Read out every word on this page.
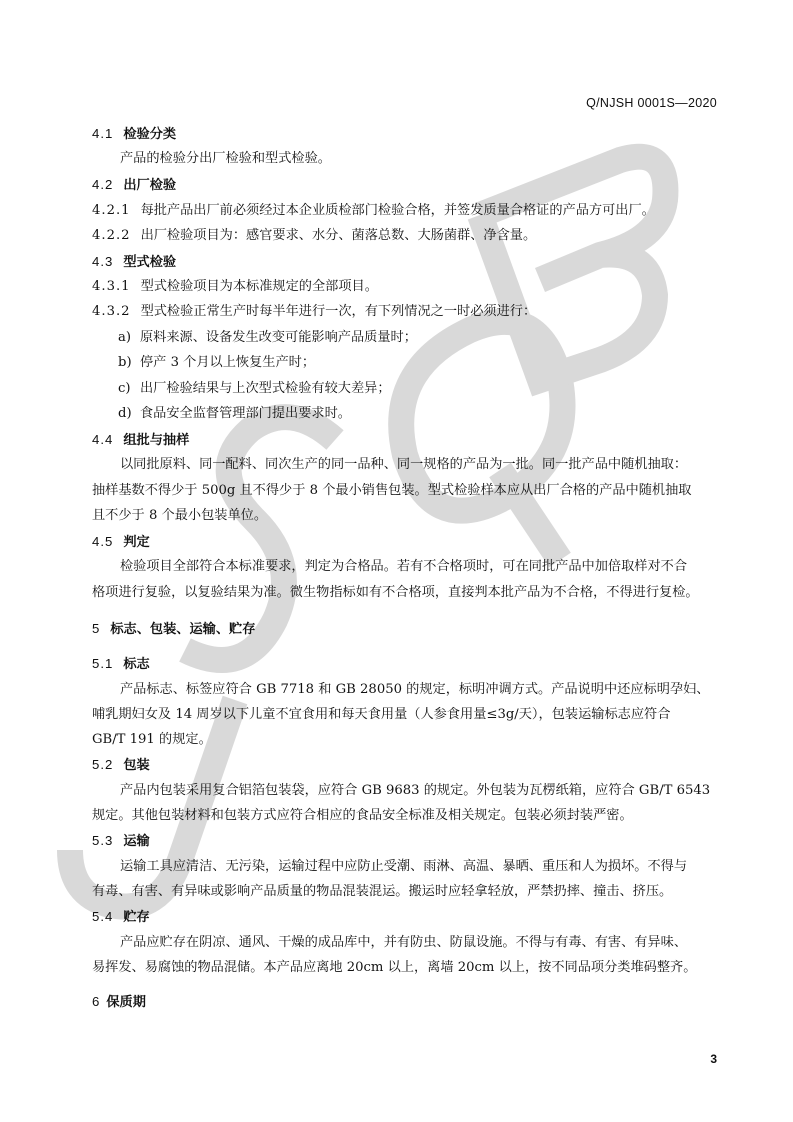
Q/NJSH 0001S—2020
4.1 检验分类
产品的检验分出厂检验和型式检验。
4.2 出厂检验
4.2.1 每批产品出厂前必须经过本企业质检部门检验合格，并签发质量合格证的产品方可出厂。
4.2.2 出厂检验项目为：感官要求、水分、菌落总数、大肠菌群、净含量。
4.3 型式检验
4.3.1 型式检验项目为本标准规定的全部项目。
4.3.2 型式检验正常生产时每半年进行一次，有下列情况之一时必须进行：
a) 原料来源、设备发生改变可能影响产品质量时；
b) 停产 3 个月以上恢复生产时；
c) 出厂检验结果与上次型式检验有较大差异；
d) 食品安全监督管理部门提出要求时。
4.4 组批与抽样
以同批原料、同一配料、同次生产的同一品种、同一规格的产品为一批。同一批产品中随机抽取：
抽样基数不得少于 500g 且不得少于 8 个最小销售包装。型式检验样本应从出厂合格的产品中随机抽取
且不少于 8 个最小包装单位。
4.5 判定
检验项目全部符合本标准要求，判定为合格品。若有不合格项时，可在同批产品中加倍取样对不合
格项进行复验，以复验结果为准。微生物指标如有不合格项，直接判本批产品为不合格，不得进行复检。
5 标志、包装、运输、贮存
5.1 标志
产品标志、标签应符合 GB 7718 和 GB 28050 的规定，标明冲调方式。产品说明中还应标明孕妇、
哺乳期妇女及 14 周岁以下儿童不宜食用和每天食用量（人参食用量≤3g/天），包装运输标志应符合
GB/T 191 的规定。
5.2 包装
产品内包装采用复合铝箔包装袋，应符合 GB 9683 的规定。外包装为瓦楞纸箱，应符合 GB/T 6543
规定。其他包装材料和包装方式应符合相应的食品安全标准及相关规定。包装必须封装严密。
5.3 运输
运输工具应清洁、无污染，运输过程中应防止受潮、雨淋、高温、暴晒、重压和人为损坏。不得与
有毒、有害、有异味或影响产品质量的物品混装混运。搬运时应轻拿轻放，严禁扔摔、撞击、挤压。
5.4 贮存
产品应贮存在阴凉、通风、干燥的成品库中，并有防虫、防鼠设施。不得与有毒、有害、有异味、
易挥发、易腐蚀的物品混储。本产品应离地 20cm 以上，离墙 20cm 以上，按不同品项分类堆码整齐。
6 保质期
3
